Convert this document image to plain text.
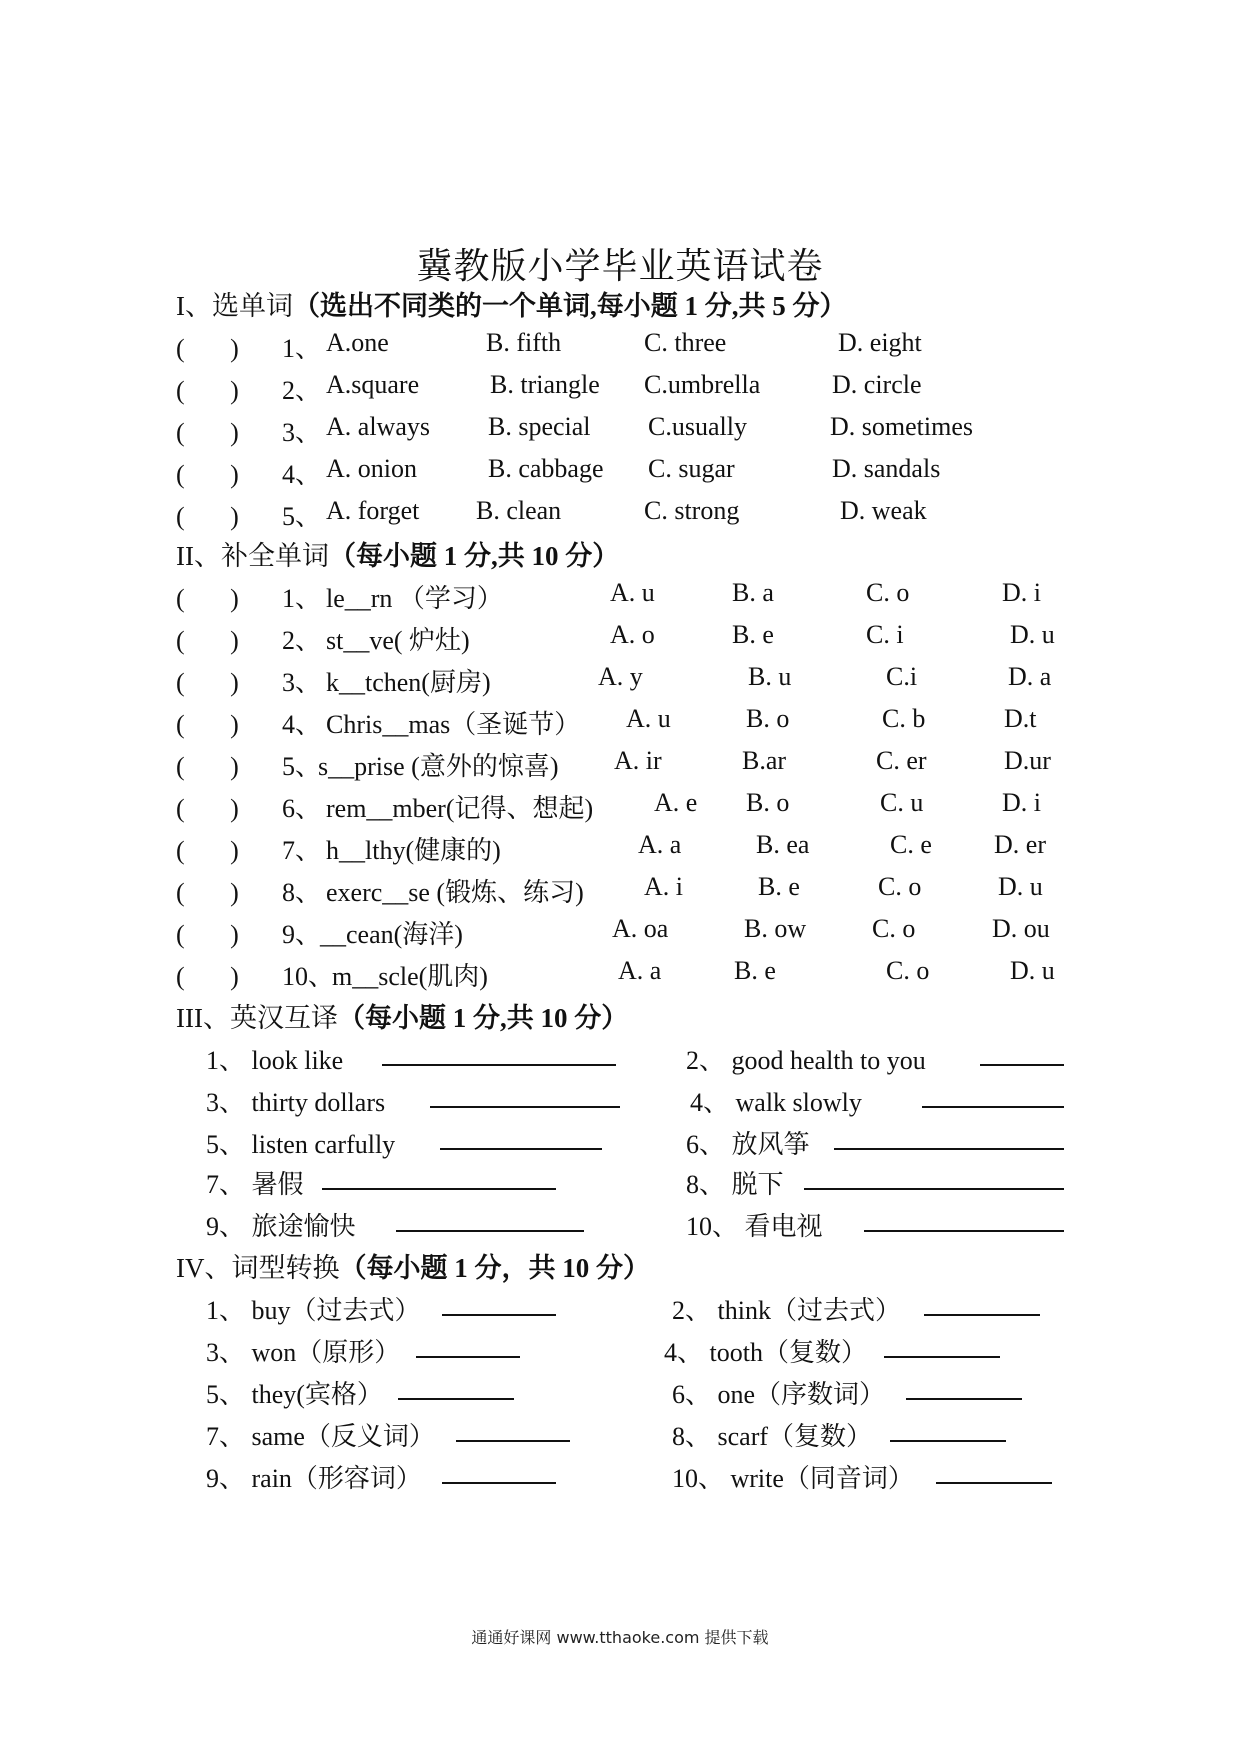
冀教版小学毕业英语试卷
I、选单词（选出不同类的一个单词,每小题 1 分,共 5 分）
(　   ) 1、 A.one	B. fifth	C. three	D. eight
(　   ) 2、 A.square	B. triangle C.umbrella	D. circle
(　   ) 3、 A. always B. special C.usually	D. sometimes
(　   ) 4、 A. onion	B. cabbage C. sugar	D. sandals
(　   ) 5、 A. forget B. clean	C. strong	D. weak
II、补全单词（每小题 1 分,共 10 分）
(　   ) 1、 le__rn （学习）	A. u	B. a	C. o	D. i
(　   ) 2、 st__ve( 炉灶)	A. o	B. e	C. i	D. u
(　   ) 3、 k__tchen(厨房)	A. y	B. u	C.i	D. a
(　   ) 4、 Chris__mas（圣诞节） A. u	B. o	C. b	D.t
(　   ) 5、
s__prise (意外的惊喜) A. ir	B.ar	C. er	D.ur
(　   ) 6、 rem__mber(记得、想起) A. e B. o	C. u	D. i
(　   ) 7、 h__lthy(健康的)	A. a	B. ea	C. e D. er
(　   ) 8、 exerc__se (锻炼、练习) A. i	B. e	C. o	D. u
(　   ) 9、
__cean(海洋)	A. oa	B. ow	C. o	D. ou
(　   ) 10、
m__scle(肌肉)	A. a	B. e	C. o	D. u
III、英汉互译（每小题 1 分,共 10 分）
1、 look like	2、 good health to you
3、 thirty dollars	4、 walk slowly
5、 listen carfully	6、 放风筝
7、 暑假	8、 脱下
9、 旅途愉快	10、 看电视
IV、词型转换（每小题 1 分，共 10 分）
1、 buy（过去式）	2、 think（过去式）
3、 won（原形）	4、 tooth（复数）
5、 they(宾格）	6、 one（序数词）
7、 same（反义词）	8、 scarf（复数）
9、 rain（形容词）	10、 write（同音词）
通通好课网 www.tthaoke.com 提供下载
